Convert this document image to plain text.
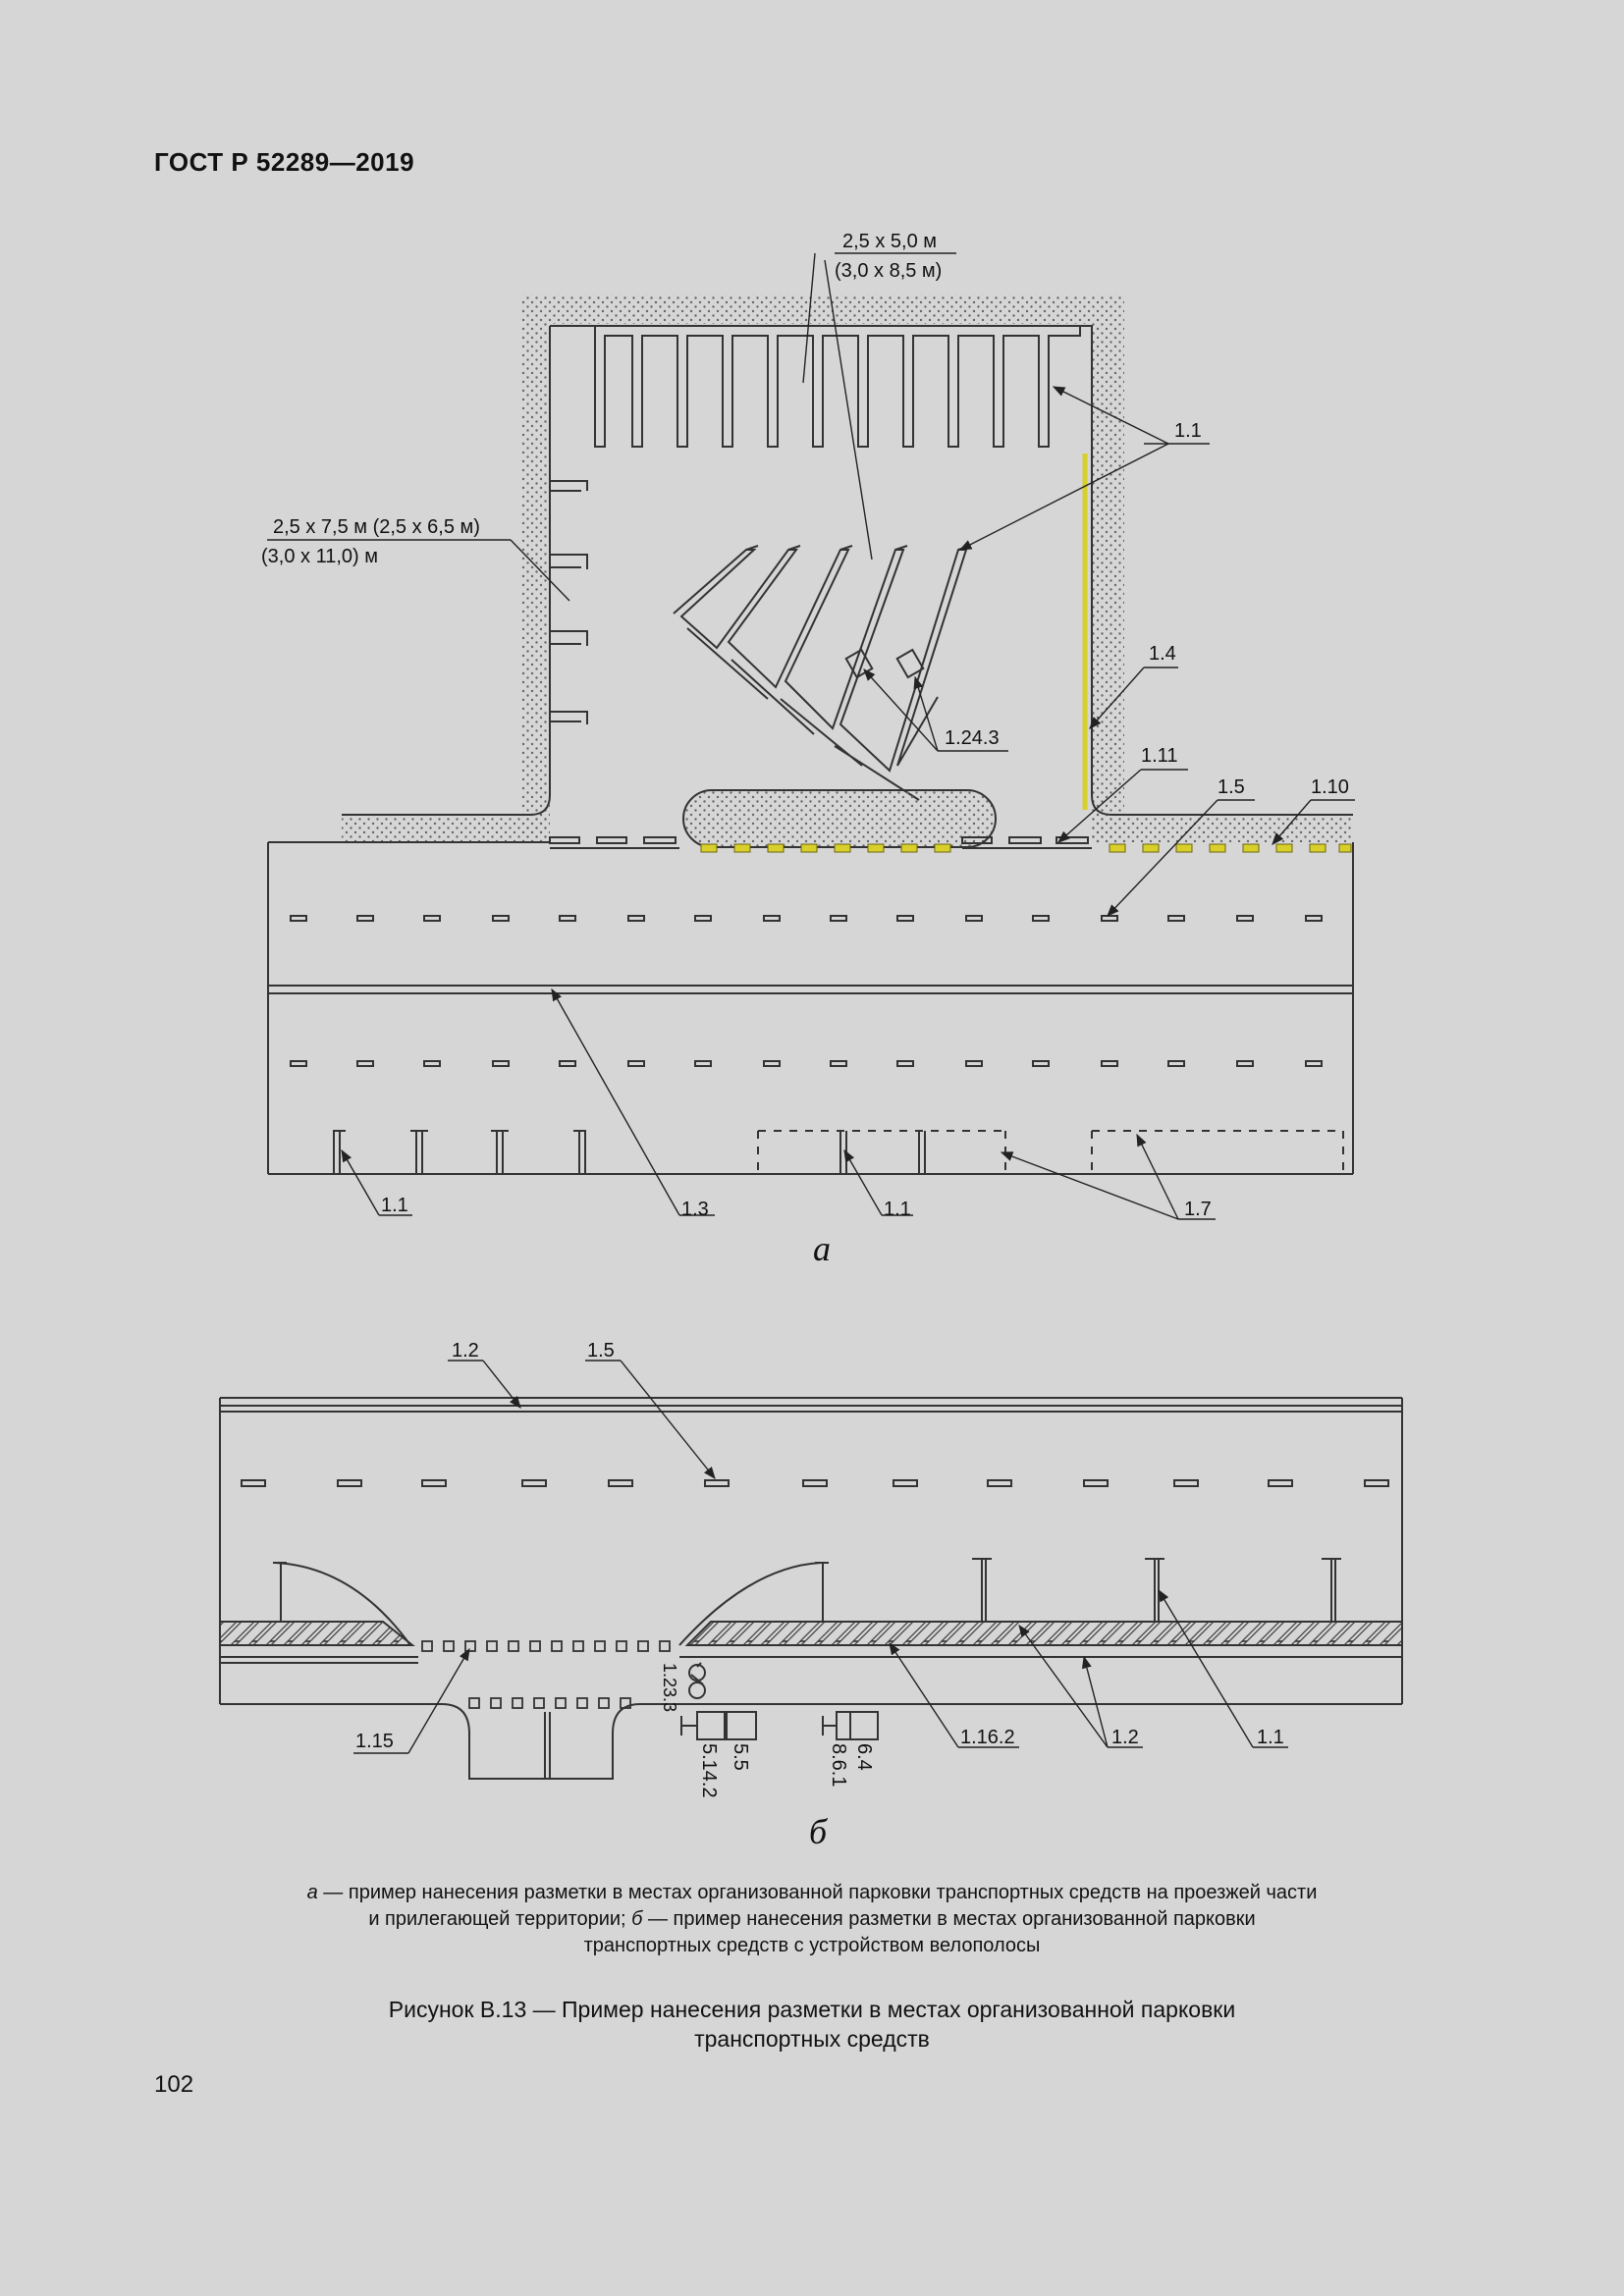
ГОСТ Р 52289—2019
2,5 х 5,0 м
(3,0 х 8,5 м)
1.1
2,5 х 7,5 м (2,5 х 6,5 м)
(3,0 х 11,0) м
1.4
1.24.3
1.11
1.5	1.10
1.1	1.3	1.1	1.7
а
1.2	1.5
1.15
1.23.3
5.5
5.14.2	6.4
8.6.1
1.16.2	1.2	1.1
б

а — пример нанесения разметки в местах организованной парковки транспортных средств на проезжей части

и прилегающей территории; б — пример нанесения разметки в местах организованной парковки

транспортных средств с устройством велополосы

Рисунок В.13 — Пример нанесения разметки в местах организованной парковки

транспортных средств

102
